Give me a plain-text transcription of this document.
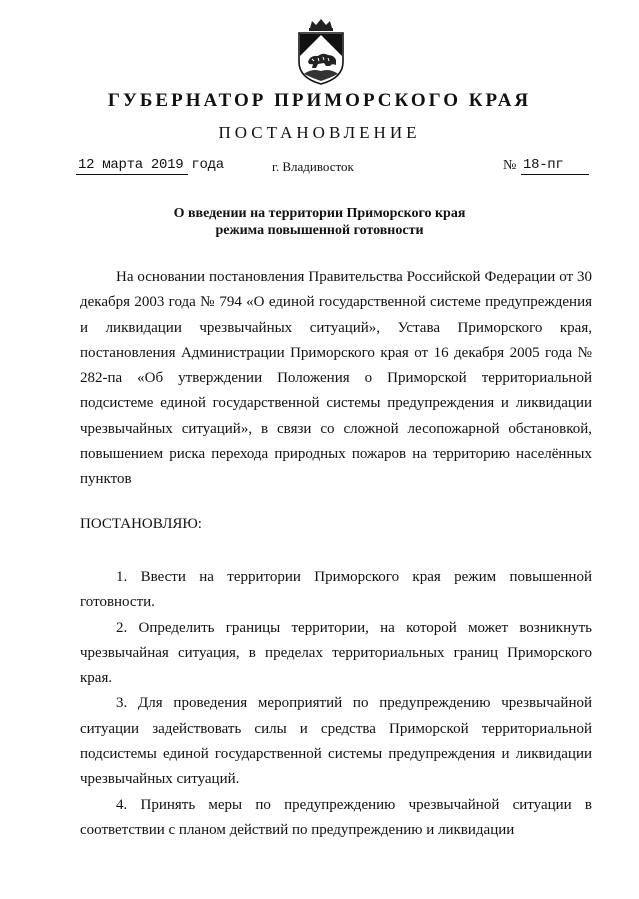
ГУБЕРНАТОР ПРИМОРСКОГО КРАЯ
ПОСТАНОВЛЕНИЕ
12 марта 2019 года	г. Владивосток	№ 18-пг
О введении на территории Приморского края
режима повышенной готовности

На основании постановления Правительства Российской Федерации от 30 декабря 2003 года № 794 «О единой государственной системе предупреждения и ликвидации чрезвычайных ситуаций», Устава Приморского края, постановления Администрации Приморского края от 16 декабря 2005 года № 282-па «Об утверждении Положения о Приморской территориальной подсистеме единой государственной системы предупреждения и ликвидации чрезвычайных ситуаций», в связи со сложной лесопожарной обстановкой, повышением риска перехода природных пожаров на территорию населённых пунктов

ПОСТАНОВЛЯЮ:

1. Ввести на территории Приморского края режим повышенной готовности.

2. Определить границы территории, на которой может возникнуть чрезвычайная ситуация, в пределах территориальных границ Приморского края.

3. Для проведения мероприятий по предупреждению чрезвычайной ситуации задействовать силы и средства Приморской территориальной подсистемы единой государственной системы предупреждения и ликвидации чрезвычайных ситуаций.

4. Принять меры по предупреждению чрезвычайной ситуации в соответствии с планом действий по предупреждению и ликвидации
